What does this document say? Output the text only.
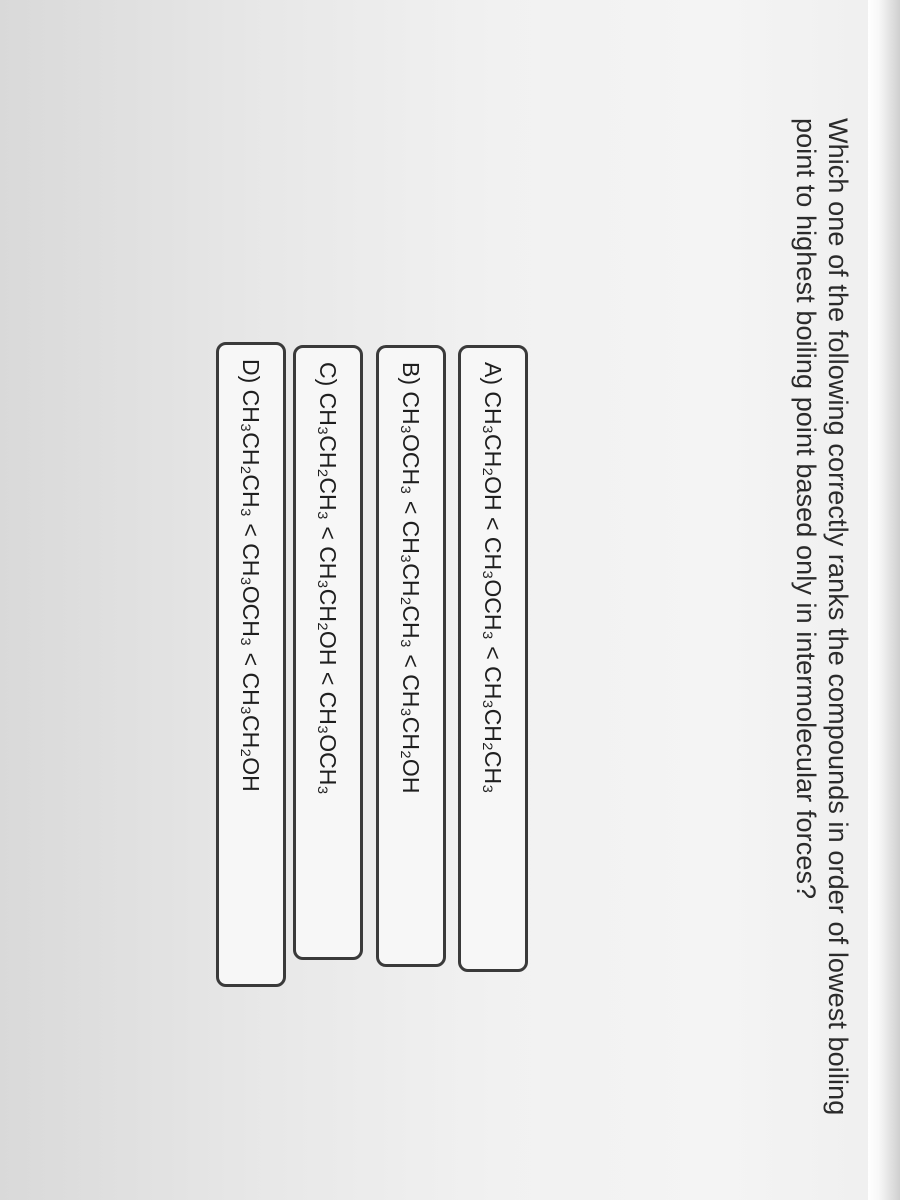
Which one of the following correctly ranks the compounds in order of lowest boiling point to highest boiling point based only in intermolecular forces?

A) CH₃CH₂OH < CH₃OCH₃ < CH₃CH₂CH₃
B) CH₃OCH₃ < CH₃CH₂CH₃ < CH₃CH₂OH
C) CH₃CH₂CH₃ < CH₃CH₂OH < CH₃OCH₃
D) CH₃CH₂CH₃ < CH₃OCH₃ < CH₃CH₂OH
